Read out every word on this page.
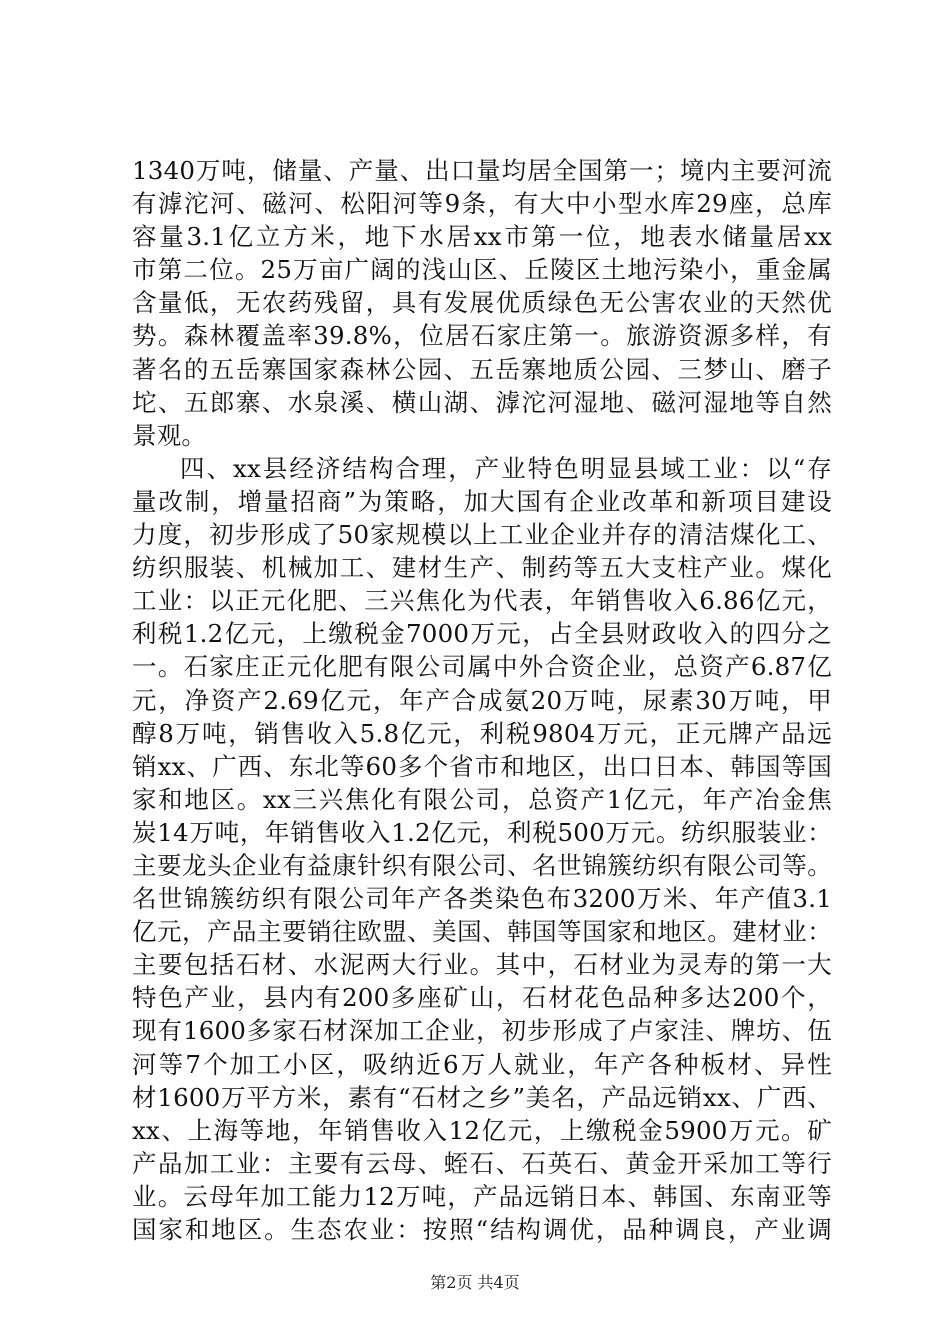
1340万吨，储量、产量、出口量均居全国第一；境内主要河流
有滹沱河、磁河、松阳河等9条，有大中小型水库29座，总库
容量3.1亿立方米，地下水居xx市第一位，地表水储量居xx
市第二位。25万亩广阔的浅山区、丘陵区土地污染小，重金属
含量低，无农药残留，具有发展优质绿色无公害农业的天然优
势。森林覆盖率39.8%，位居石家庄第一。旅游资源多样，有
著名的五岳寨国家森林公园、五岳寨地质公园、三梦山、磨子
坨、五郎寨、水泉溪、横山湖、滹沱河湿地、磁河湿地等自然
景观。
四、xx县经济结构合理，产业特色明显县域工业：以“存
量改制，增量招商”为策略，加大国有企业改革和新项目建设
力度，初步形成了50家规模以上工业企业并存的清洁煤化工、
纺织服装、机械加工、建材生产、制药等五大支柱产业。煤化
工业：以正元化肥、三兴焦化为代表，年销售收入6.86亿元，
利税1.2亿元，上缴税金7000万元，占全县财政收入的四分之
一。石家庄正元化肥有限公司属中外合资企业，总资产6.87亿
元，净资产2.69亿元，年产合成氨20万吨，尿素30万吨，甲
醇8万吨，销售收入5.8亿元，利税9804万元，正元牌产品远
销xx、广西、东北等60多个省市和地区，出口日本、韩国等国
家和地区。xx三兴焦化有限公司，总资产1亿元，年产冶金焦
炭14万吨，年销售收入1.2亿元，利税500万元。纺织服装业：
主要龙头企业有益康针织有限公司、名世锦簇纺织有限公司等。
名世锦簇纺织有限公司年产各类染色布3200万米、年产值3.1
亿元，产品主要销往欧盟、美国、韩国等国家和地区。建材业：
主要包括石材、水泥两大行业。其中，石材业为灵寿的第一大
特色产业，县内有200多座矿山，石材花色品种多达200个，
现有1600多家石材深加工企业，初步形成了卢家洼、牌坊、伍
河等7个加工小区，吸纳近6万人就业，年产各种板材、异性
材1600万平方米，素有“石材之乡”美名，产品远销xx、广西、
xx、上海等地，年销售收入12亿元，上缴税金5900万元。矿
产品加工业：主要有云母、蛭石、石英石、黄金开采加工等行
业。云母年加工能力12万吨，产品远销日本、韩国、东南亚等
国家和地区。生态农业：按照“结构调优，品种调良，产业调
第2页 共4页
